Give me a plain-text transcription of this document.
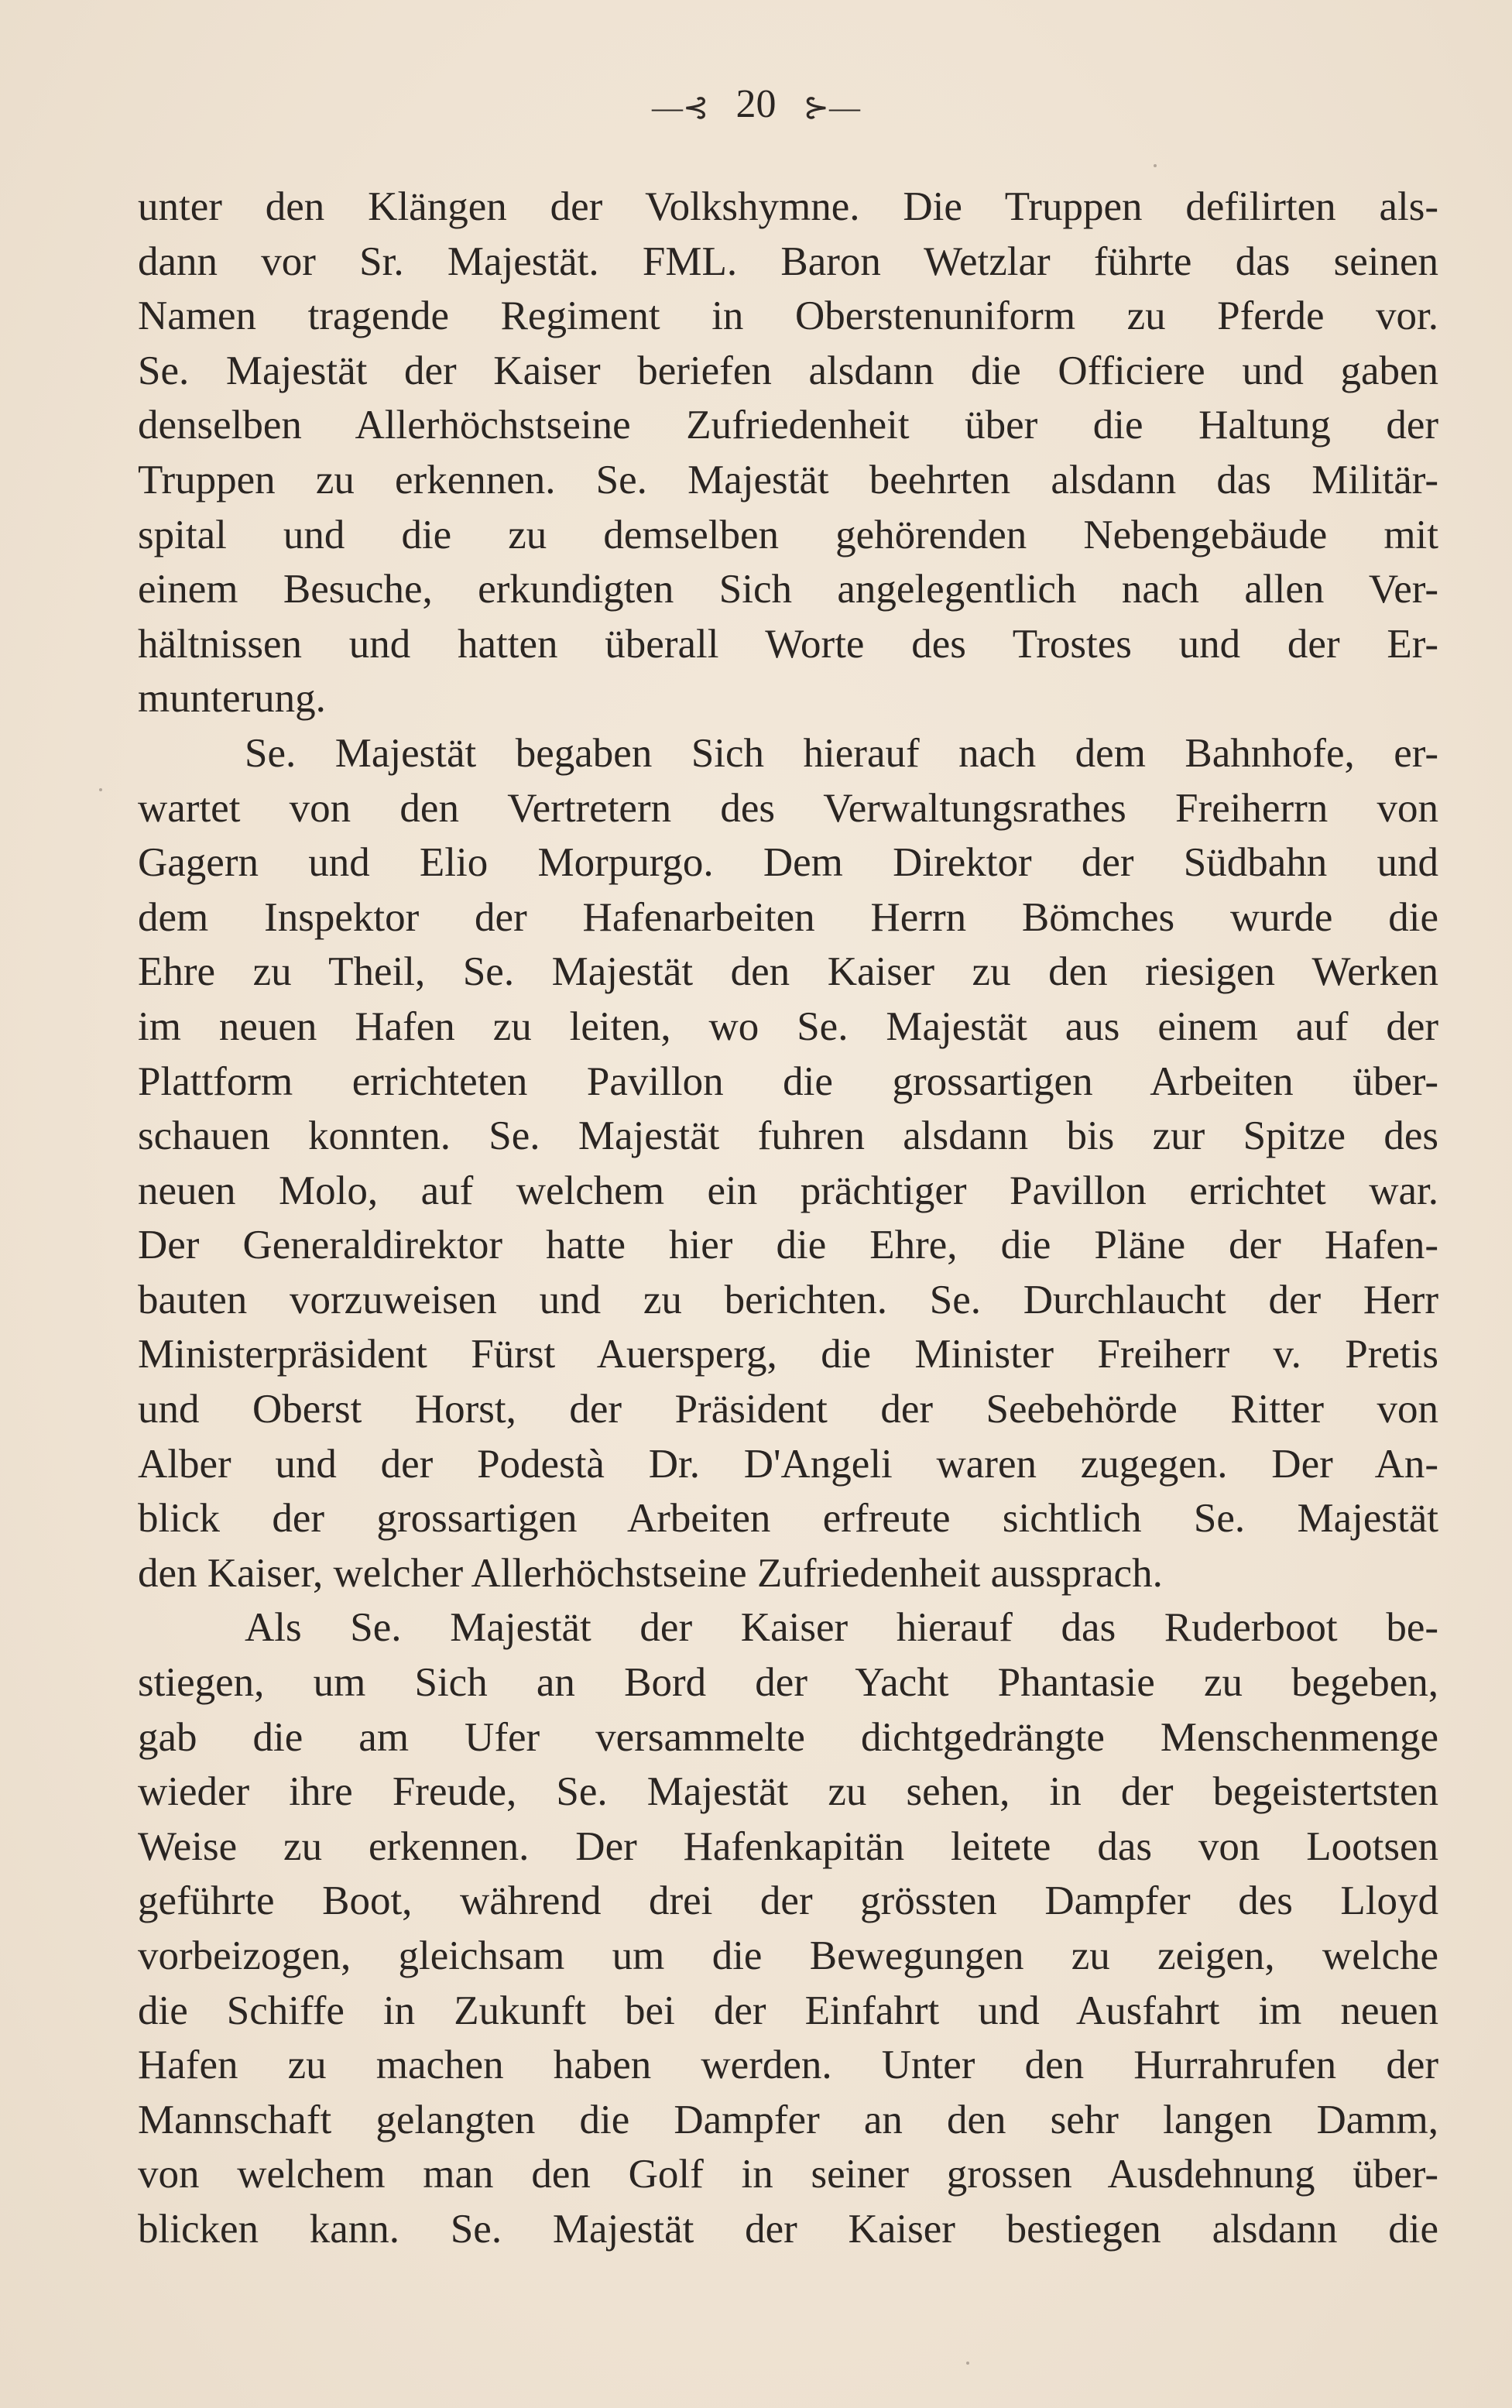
—⊰ 20 ⊱—
unter den Klängen der Volkshymne. Die Truppen defilirten als-
dann vor Sr. Majestät. FML. Baron Wetzlar führte das seinen
Namen tragende Regiment in Oberstenuniform zu Pferde vor.
Se. Majestät der Kaiser beriefen alsdann die Officiere und gaben
denselben Allerhöchstseine Zufriedenheit über die Haltung der
Truppen zu erkennen. Se. Majestät beehrten alsdann das Militär-
spital und die zu demselben gehörenden Nebengebäude mit
einem Besuche, erkundigten Sich angelegentlich nach allen Ver-
hältnissen und hatten überall Worte des Trostes und der Er-
munterung.
Se. Majestät begaben Sich hierauf nach dem Bahnhofe, er-
wartet von den Vertretern des Verwaltungsrathes Freiherrn von
Gagern und Elio Morpurgo. Dem Direktor der Südbahn und
dem Inspektor der Hafenarbeiten Herrn Bömches wurde die
Ehre zu Theil, Se. Majestät den Kaiser zu den riesigen Werken
im neuen Hafen zu leiten, wo Se. Majestät aus einem auf der
Plattform errichteten Pavillon die grossartigen Arbeiten über-
schauen konnten. Se. Majestät fuhren alsdann bis zur Spitze des
neuen Molo, auf welchem ein prächtiger Pavillon errichtet war.
Der Generaldirektor hatte hier die Ehre, die Pläne der Hafen-
bauten vorzuweisen und zu berichten. Se. Durchlaucht der Herr
Ministerpräsident Fürst Auersperg, die Minister Freiherr v. Pretis
und Oberst Horst, der Präsident der Seebehörde Ritter von
Alber und der Podestà Dr. D'Angeli waren zugegen. Der An-
blick der grossartigen Arbeiten erfreute sichtlich Se. Majestät
den Kaiser, welcher Allerhöchstseine Zufriedenheit aussprach.
Als Se. Majestät der Kaiser hierauf das Ruderboot be-
stiegen, um Sich an Bord der Yacht Phantasie zu begeben,
gab die am Ufer versammelte dichtgedrängte Menschenmenge
wieder ihre Freude, Se. Majestät zu sehen, in der begeistertsten
Weise zu erkennen. Der Hafenkapitän leitete das von Lootsen
geführte Boot, während drei der grössten Dampfer des Lloyd
vorbeizogen, gleichsam um die Bewegungen zu zeigen, welche
die Schiffe in Zukunft bei der Einfahrt und Ausfahrt im neuen
Hafen zu machen haben werden. Unter den Hurrahrufen der
Mannschaft gelangten die Dampfer an den sehr langen Damm,
von welchem man den Golf in seiner grossen Ausdehnung über-
blicken kann. Se. Majestät der Kaiser bestiegen alsdann die
